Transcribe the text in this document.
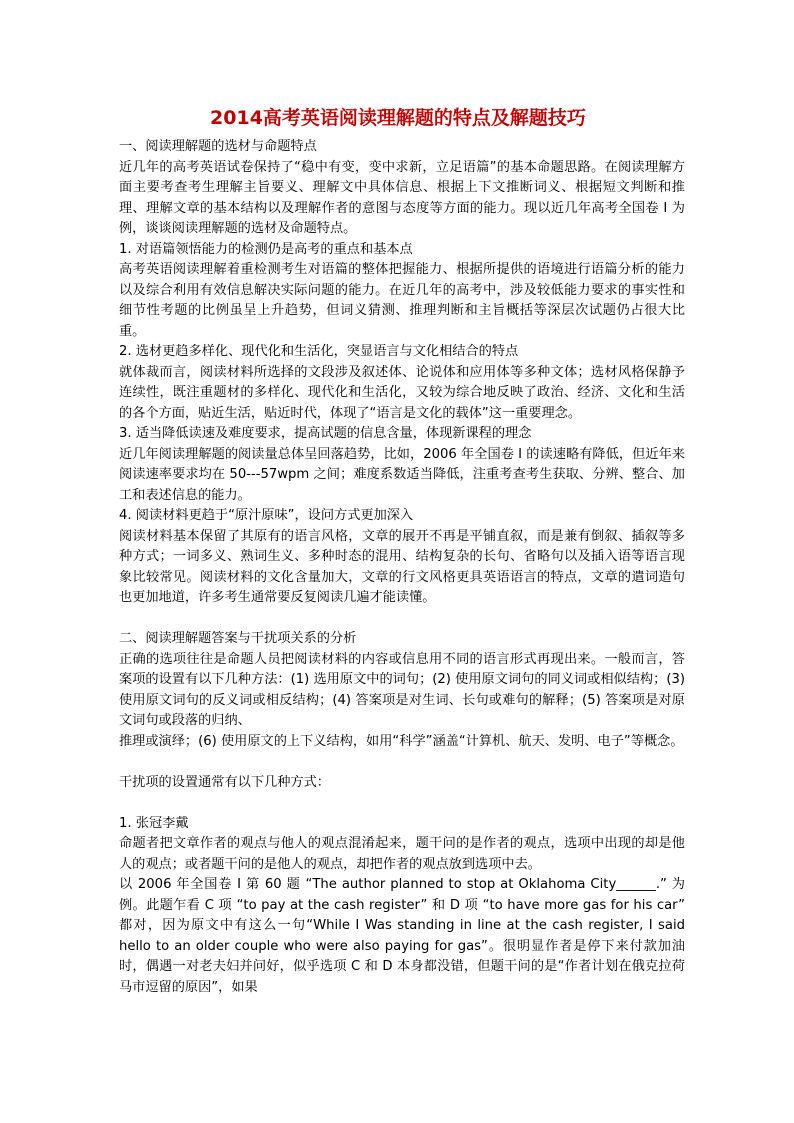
2014高考英语阅读理解题的特点及解题技巧

一、阅读理解题的选材与命题特点

近几年的高考英语试卷保持了“稳中有变，变中求新，立足语篇”的基本命题思路。在阅读理解方面主要考查考生理解主旨要义、理解文中具体信息、根据上下文推断词义、根据短文判断和推理、理解文章的基本结构以及理解作者的意图与态度等方面的能力。现以近几年高考全国卷 I 为例，谈谈阅读理解题的选材及命题特点。

1. 对语篇领悟能力的检测仍是高考的重点和基本点

高考英语阅读理解着重检测考生对语篇的整体把握能力、根据所提供的语境进行语篇分析的能力以及综合利用有效信息解决实际问题的能力。在近几年的高考中，涉及较低能力要求的事实性和细节性考题的比例虽呈上升趋势，但词义猜测、推理判断和主旨概括等深层次试题仍占很大比重。

2. 选材更趋多样化、现代化和生活化，突显语言与文化相结合的特点

就体裁而言，阅读材料所选择的文段涉及叙述体、论说体和应用体等多种文体；选材风格保静予连续性，既注重题材的多样化、现代化和生活化，又较为综合地反映了政治、经济、文化和生活的各个方面，贴近生活，贴近时代，体现了“语言是文化的载体”这一重要理念。

3. 适当降低读速及难度要求，提高试题的信息含量，体现新课程的理念

近几年阅读理解题的阅读量总体呈回落趋势，比如，2006 年全国卷 I 的读速略有降低，但近年来阅读速率要求均在 50---57wpm 之间；难度系数适当降低，注重考查考生获取、分辨、整合、加工和表述信息的能力。

4. 阅读材料更趋于“原汁原味”，设问方式更加深入

阅读材料基本保留了其原有的语言风格，文章的展开不再是平铺直叙，而是兼有倒叙、插叙等多种方式；一词多义、熟词生义、多种时态的混用、结构复杂的长句、省略句以及插入语等语言现象比较常见。阅读材料的文化含量加大，文章的行文风格更具英语语言的特点，文章的遣词造句也更加地道，许多考生通常要反复阅读几遍才能读懂。

二、阅读理解题答案与干扰项关系的分析

正确的选项往往是命题人员把阅读材料的内容或信息用不同的语言形式再现出来。一般而言，答案项的设置有以下几种方法：(1) 选用原文中的词句；(2) 使用原文词句的同义词或相似结构；(3) 使用原文词句的反义词或相反结构；(4) 答案项是对生词、长句或难句的解释；(5) 答案项是对原文词句或段落的归纳、

推理或演绎；(6) 使用原文的上下义结构，如用“科学”涵盖“计算机、航天、发明、电子”等概念。

干扰项的设置通常有以下几种方式：

1. 张冠李戴

命题者把文章作者的观点与他人的观点混淆起来，题干问的是作者的观点，选项中出现的却是他人的观点；或者题干问的是他人的观点，却把作者的观点放到选项中去。

以 2006 年全国卷 I 第 60 题 “The author planned to stop at Oklahoma City______.” 为例。此题乍看 C 项 “to pay at the cash register” 和 D 项 “to have more gas for his car” 都对，因为原文中有这么一句“While I Was standing in line at the cash register, I said hello to an older couple who were also paying for gas”。很明显作者是停下来付款加油时，偶遇一对老夫妇并问好，似乎选项 C 和 D 本身都没错，但题干问的是“作者计划在俄克拉荷马市逗留的原因”，如果
